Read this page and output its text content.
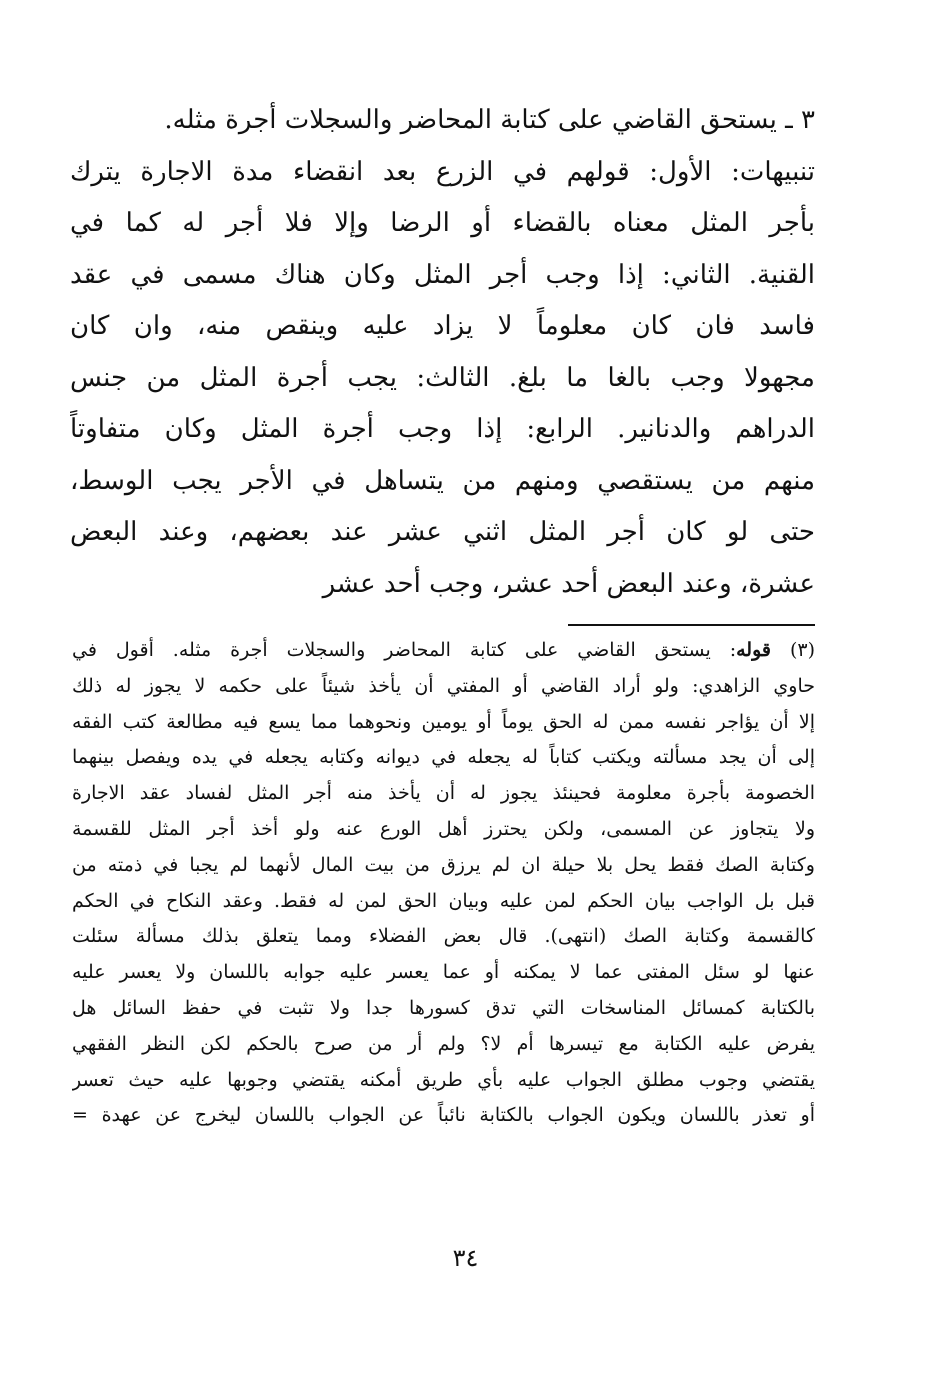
٣ ـ يستحق القاضي على كتابة المحاضر والسجلات أجرة مثله.
تنبيهات: الأول: قولهم في الزرع بعد انقضاء مدة الاجارة يترك
بأجر المثل معناه بالقضاء أو الرضا وإلا فلا أجر له كما في
القنية. الثاني: إذا وجب أجر المثل وكان هناك مسمى في عقد
فاسد فان كان معلوماً لا يزاد عليه وينقص منه، وان كان
مجهولا وجب بالغا ما بلغ. الثالث: يجب أجرة المثل من جنس
الدراهم والدنانير. الرابع: إذا وجب أجرة المثل وكان متفاوتاً
منهم من يستقصي ومنهم من يتساهل في الأجر يجب الوسط،
حتى لو كان أجر المثل اثني عشر عند بعضهم، وعند البعض
عشرة، وعند البعض أحد عشر، وجب أحد عشر
(٣) قوله: يستحق القاضي على كتابة المحاضر والسجلات أجرة مثله. أقول في
حاوي الزاهدي: ولو أراد القاضي أو المفتي أن يأخذ شيئاً على حكمه لا يجوز له ذلك
إلا أن يؤاجر نفسه ممن له الحق يوماً أو يومين ونحوهما مما يسع فيه مطالعة كتب الفقه
إلى أن يجد مسألته ويكتب كتاباً له يجعله في ديوانه وكتابه يجعله في يده ويفصل بينهما
الخصومة بأجرة معلومة فحينئذ يجوز له أن يأخذ منه أجر المثل لفساد عقد الاجارة
ولا يتجاوز عن المسمى، ولكن يحترز أهل الورع عنه ولو أخذ أجر المثل للقسمة
وكتابة الصك فقط يحل بلا حيلة ان لم يرزق من بيت المال لأنهما لم يجبا في ذمته من
قبل بل الواجب بيان الحكم لمن عليه وبيان الحق لمن له فقط. وعقد النكاح في الحكم
كالقسمة وكتابة الصك (انتهى). قال بعض الفضلاء ومما يتعلق بذلك مسألة سئلت
عنها لو سئل المفتى عما لا يمكنه أو عما يعسر عليه جوابه باللسان ولا يعسر عليه
بالكتابة كمسائل المناسخات التي تدق كسورها جدا ولا تثبت في حفظ السائل هل
يفرض عليه الكتابة مع تيسرها أم لا؟ ولم أر من صرح بالحكم لكن النظر الفقهي
يقتضي وجوب مطلق الجواب عليه بأي طريق أمكنه يقتضي وجوبها عليه حيث تعسر
أو تعذر باللسان ويكون الجواب بالكتابة نائباً عن الجواب باللسان ليخرج عن عهدة =
٣٤
